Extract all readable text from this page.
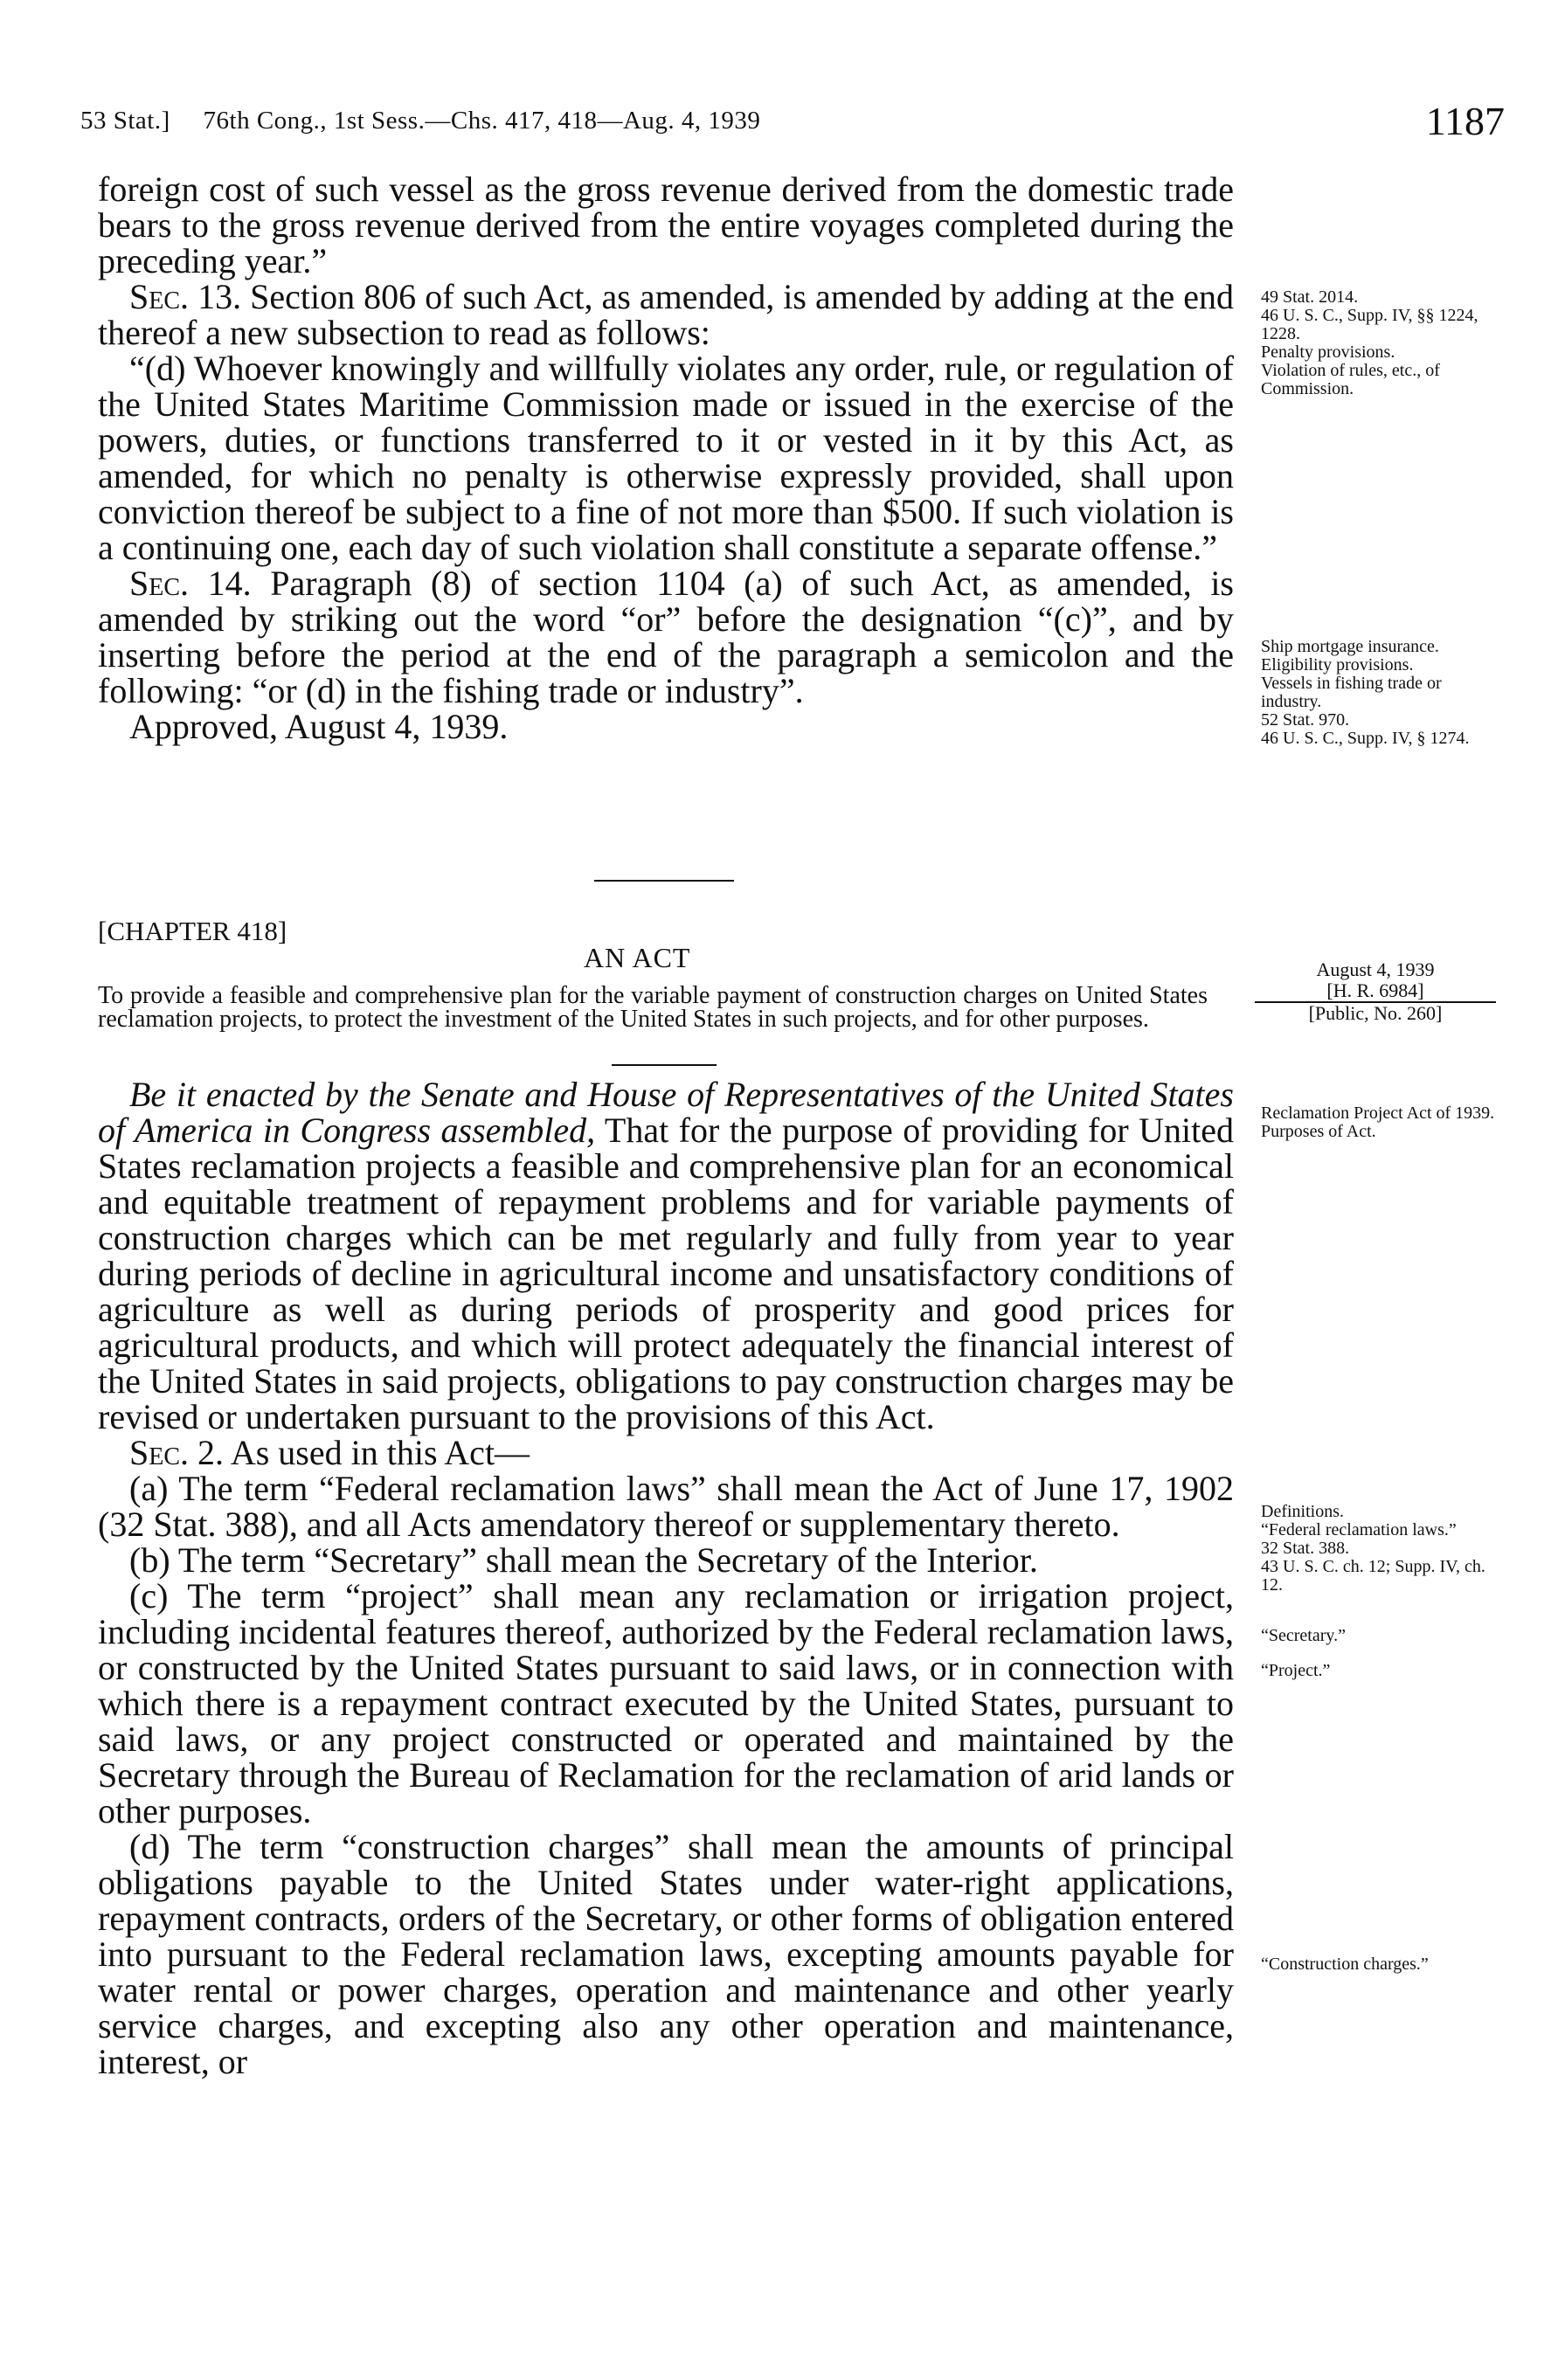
53 Stat.] 76th Cong., 1st Sess.—Chs. 417, 418—Aug. 4, 1939	1187

foreign cost of such vessel as the gross revenue derived from the domestic trade bears to the gross revenue derived from the entire voyages completed during the preceding year.”

Sec. 13. Section 806 of such Act, as amended, is amended by adding at the end thereof a new subsection to read as follows:

“(d) Whoever knowingly and willfully violates any order, rule, or regulation of the United States Maritime Commission made or issued in the exercise of the powers, duties, or functions transferred to it or vested in it by this Act, as amended, for which no penalty is otherwise expressly provided, shall upon conviction thereof be subject to a fine of not more than $500. If such violation is a continuing one, each day of such violation shall constitute a separate offense.”

Sec. 14. Paragraph (8) of section 1104 (a) of such Act, as amended, is amended by striking out the word “or” before the designation “(c)”, and by inserting before the period at the end of the paragraph a semicolon and the following: “or (d) in the fishing trade or industry”.

Approved, August 4, 1939.

49 Stat. 2014.
46 U. S. C., Supp. IV, §§ 1224, 1228.
Penalty provisions.
Violation of rules, etc., of Commission.
Ship mortgage insurance.
Eligibility provisions.
Vessels in fishing trade or industry.
52 Stat. 970.
46 U. S. C., Supp. IV, § 1274.
[CHAPTER 418]
AN ACT
To provide a feasible and comprehensive plan for the variable payment of construction charges on United States reclamation projects, to protect the investment of the United States in such projects, and for other purposes.
August 4, 1939
[H. R. 6984]
[Public, No. 260]

Be it enacted by the Senate and House of Representatives of the United States of America in Congress assembled, That for the purpose of providing for United States reclamation projects a feasible and comprehensive plan for an economical and equitable treatment of repayment problems and for variable payments of construction charges which can be met regularly and fully from year to year during periods of decline in agricultural income and unsatisfactory conditions of agriculture as well as during periods of prosperity and good prices for agricultural products, and which will protect adequately the financial interest of the United States in said projects, obligations to pay construction charges may be revised or undertaken pursuant to the provisions of this Act.

Sec. 2. As used in this Act—

(a) The term “Federal reclamation laws” shall mean the Act of June 17, 1902 (32 Stat. 388), and all Acts amendatory thereof or supplementary thereto.

(b) The term “Secretary” shall mean the Secretary of the Interior.

(c) The term “project” shall mean any reclamation or irrigation project, including incidental features thereof, authorized by the Federal reclamation laws, or constructed by the United States pursuant to said laws, or in connection with which there is a repayment contract executed by the United States, pursuant to said laws, or any project constructed or operated and maintained by the Secretary through the Bureau of Reclamation for the reclamation of arid lands or other purposes.

(d) The term “construction charges” shall mean the amounts of principal obligations payable to the United States under water-right applications, repayment contracts, orders of the Secretary, or other forms of obligation entered into pursuant to the Federal reclamation laws, excepting amounts payable for water rental or power charges, operation and maintenance and other yearly service charges, and excepting also any other operation and maintenance, interest, or

Reclamation Project Act of 1939.
Purposes of Act.
Definitions.
“Federal reclamation laws.”
32 Stat. 388.
43 U. S. C. ch. 12; Supp. IV, ch. 12.
“Secretary.”
“Project.”
“Construction charges.”
